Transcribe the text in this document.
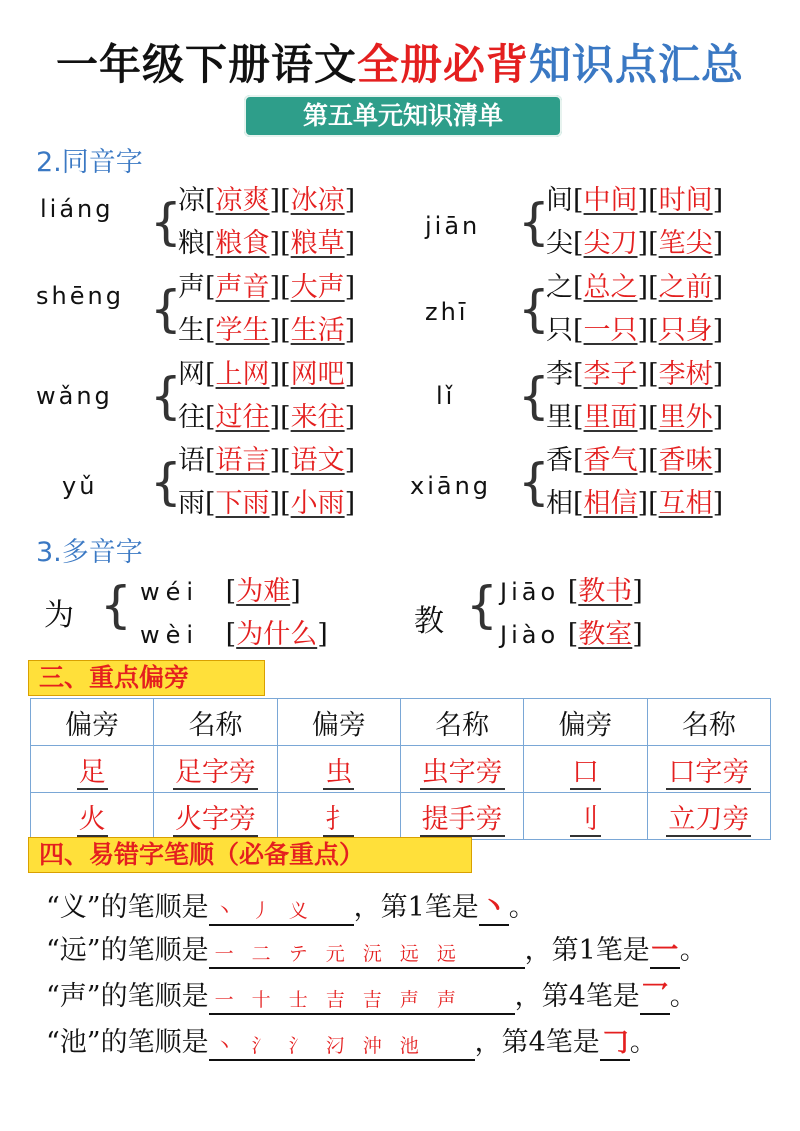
一年级下册语文全册必背知识点汇总
第五单元知识清单
2.同音字
liáng {
凉[凉爽][冰凉]
粮[粮食][粮草]
jiān {
间[中间][时间]
尖[尖刀][笔尖]
shēng {
声[声音][大声]
生[学生][生活]
zhī {
之[总之][之前]
只[一只][只身]
wǎng {
网[上网][网吧]
往[过往][来往]
lǐ {
李[李子][李树]
里[里面][里外]
yǔ {
语[语言][语文]
雨[下雨][小雨]
xiāng {
香[香气][香味]
相[相信][互相]
3.多音字
为 { wéi [为难]
wèi [为什么]	教 { Jiāo [教书]
Jiào [教室]
三、重点偏旁
偏旁	名称	偏旁	名称	偏旁	名称
足	足字旁	虫	虫字旁	口	口字旁
火	火字旁	扌	提手旁	刂	立刀旁
四、易错字笔顺（必备重点）
“义”的笔顺是 丶 丿 义 ，第1笔是丶。
“远”的笔顺是 一 二 テ 元 沅 远 远 ，第1笔是一。
“声”的笔顺是 一 十 士 吉 吉 声 声 ，第4笔是乛。
“池”的笔顺是 丶 氵 氵 汈 沖 池 ，第4笔是𠃌。
